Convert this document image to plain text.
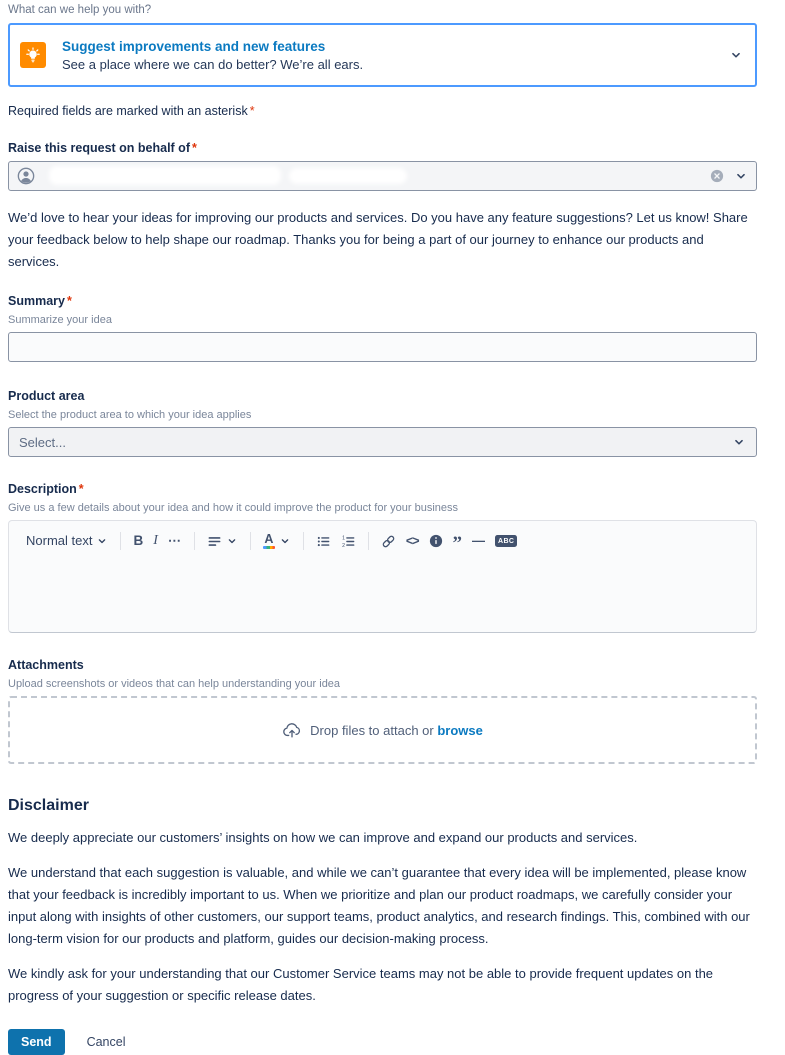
What can we help you with?
Suggest improvements and new features
See a place where we can do better? We’re all ears.

Required fields are marked with an asterisk *

Raise this request on behalf of *

We’d love to hear your ideas for improving our products and services. Do you have any feature suggestions? Let us know! Share your feedback below to help shape our roadmap. Thanks you for being a part of our journey to enhance our products and services.

Summary *
Summarize your idea
Product area
Select the product area to which your idea applies
Select...
Description *
Give us a few details about your idea and how it could improve the product for your business
Normal text	B I ⋯	A	1
2	<> ” —	ABC
Attachments
Upload screenshots or videos that can help understanding your idea
Drop files to attach or browse
Disclaimer

We deeply appreciate our customers’ insights on how we can improve and expand our products and services.

We understand that each suggestion is valuable, and while we can’t guarantee that every idea will be implemented, please know that your feedback is incredibly important to us. When we prioritize and plan our product roadmaps, we carefully consider your input along with insights of other customers, our support teams, product analytics, and research findings. This, combined with our long-term vision for our products and platform, guides our decision-making process.

We kindly ask for your understanding that our Customer Service teams may not be able to provide frequent updates on the progress of your suggestion or specific release dates.

Send	Cancel
